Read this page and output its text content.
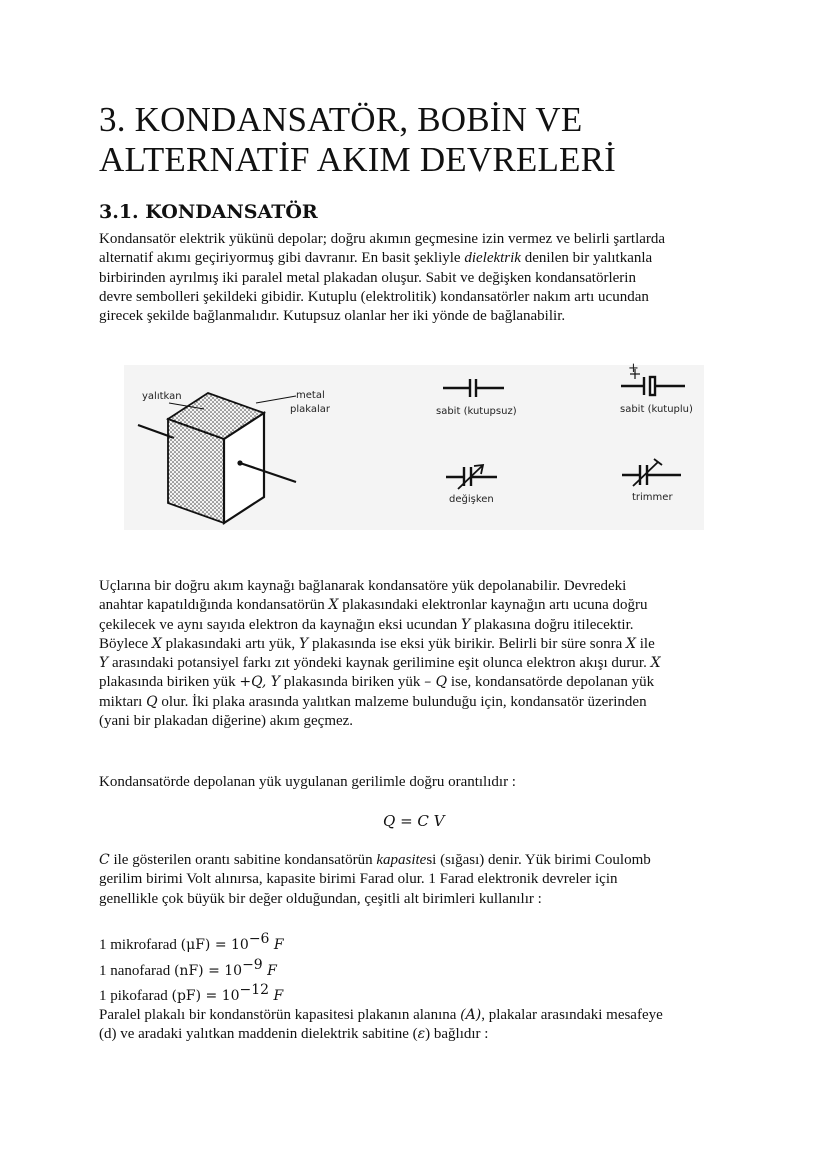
3. KONDANSATÖR, BOBİN VE
ALTERNATİF AKIM DEVRELERİ
3.1. KONDANSATÖR
Kondansatör elektrik yükünü depolar; doğru akımın geçmesine izin vermez ve belirli şartlarda
alternatif akımı geçiriyormuş gibi davranır. En basit şekliyle dielektrik denilen bir yalıtkanla
birbirinden ayrılmış iki paralel metal plakadan oluşur. Sabit ve değişken kondansatörlerin
devre sembolleri şekildeki gibidir. Kutuplu (elektrolitik) kondansatörler nakım artı ucundan
girecek şekilde bağlanmalıdır. Kutupsuz olanlar her iki yönde de bağlanabilir.
yalıtkan	metal
plakalar	sabit (kutupsuz)	sabit (kutuplu)
değişken	trimmer
+
Uçlarına bir doğru akım kaynağı bağlanarak kondansatöre yük depolanabilir. Devredeki
anahtar kapatıldığında kondansatörün X plakasındaki elektronlar kaynağın artı ucuna doğru
çekilecek ve aynı sayıda elektron da kaynağın eksi ucundan Y plakasına doğru itilecektir.
Böylece X plakasındaki artı yük, Y plakasında ise eksi yük birikir. Belirli bir süre sonra X ile
Y arasındaki potansiyel farkı zıt yöndeki kaynak gerilimine eşit olunca elektron akışı durur. X
plakasında biriken yük +Q, Y plakasında biriken yük – Q ise, kondansatörde depolanan yük
miktarı Q olur. İki plaka arasında yalıtkan malzeme bulunduğu için, kondansatör üzerinden
(yani bir plakadan diğerine) akım geçmez.
Kondansatörde depolanan yük uygulanan gerilimle doğru orantılıdır :
Q = C V
C ile gösterilen orantı sabitine kondansatörün kapasitesi (sığası) denir. Yük birimi Coulomb
gerilim birimi Volt alınırsa, kapasite birimi Farad olur. 1 Farad elektronik devreler için
genellikle çok büyük bir değer olduğundan, çeşitli alt birimleri kullanılır :
1 mikrofarad $(\mu F) = 10^{-6}$ F
1 nanofarad $(nF) = 10^{-9}$ F
1 pikofarad $(pF) = 10^{-12}$ F
Paralel plakalı bir kondanstörün kapasitesi plakanın alanına (A), plakalar arasındaki mesafeye
(d) ve aradaki yalıtkan maddenin dielektrik sabitine (ε) bağlıdır :
